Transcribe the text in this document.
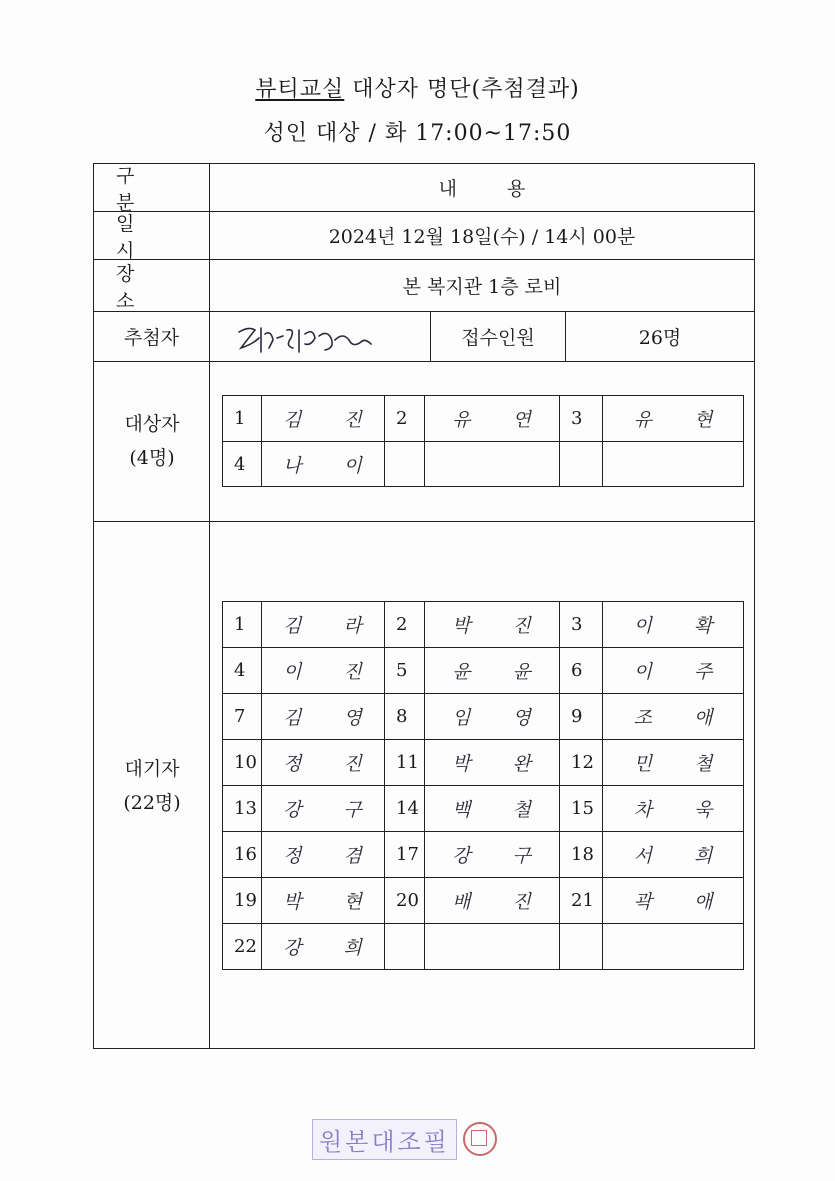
뷰티교실 대상자 명단(추첨결과)
성인 대상 / 화 17:00~17:50
구 분
내 용
일 시
2024년 12월 18일(수) / 14시 00분
장 소
본 복지관 1층 로비
추첨자	접수인원	26명
대상자
(4명)
1	김 진 2	유 연	3	유 현
4	나 이
대기자
(22명)
1	김 라 2	박 진	3	이 확
4	이 진 5	윤 윤	6	이 주
7	김 영 8	임 영	9	조 애
10	정 진 11	박 완	12	민 철
13	강 구 14	백 철	15	차 욱
16	정 겸 17	강 구	18	서 희
19	박 현 20	배 진	21	곽 애
22	강 희
원본대조필
